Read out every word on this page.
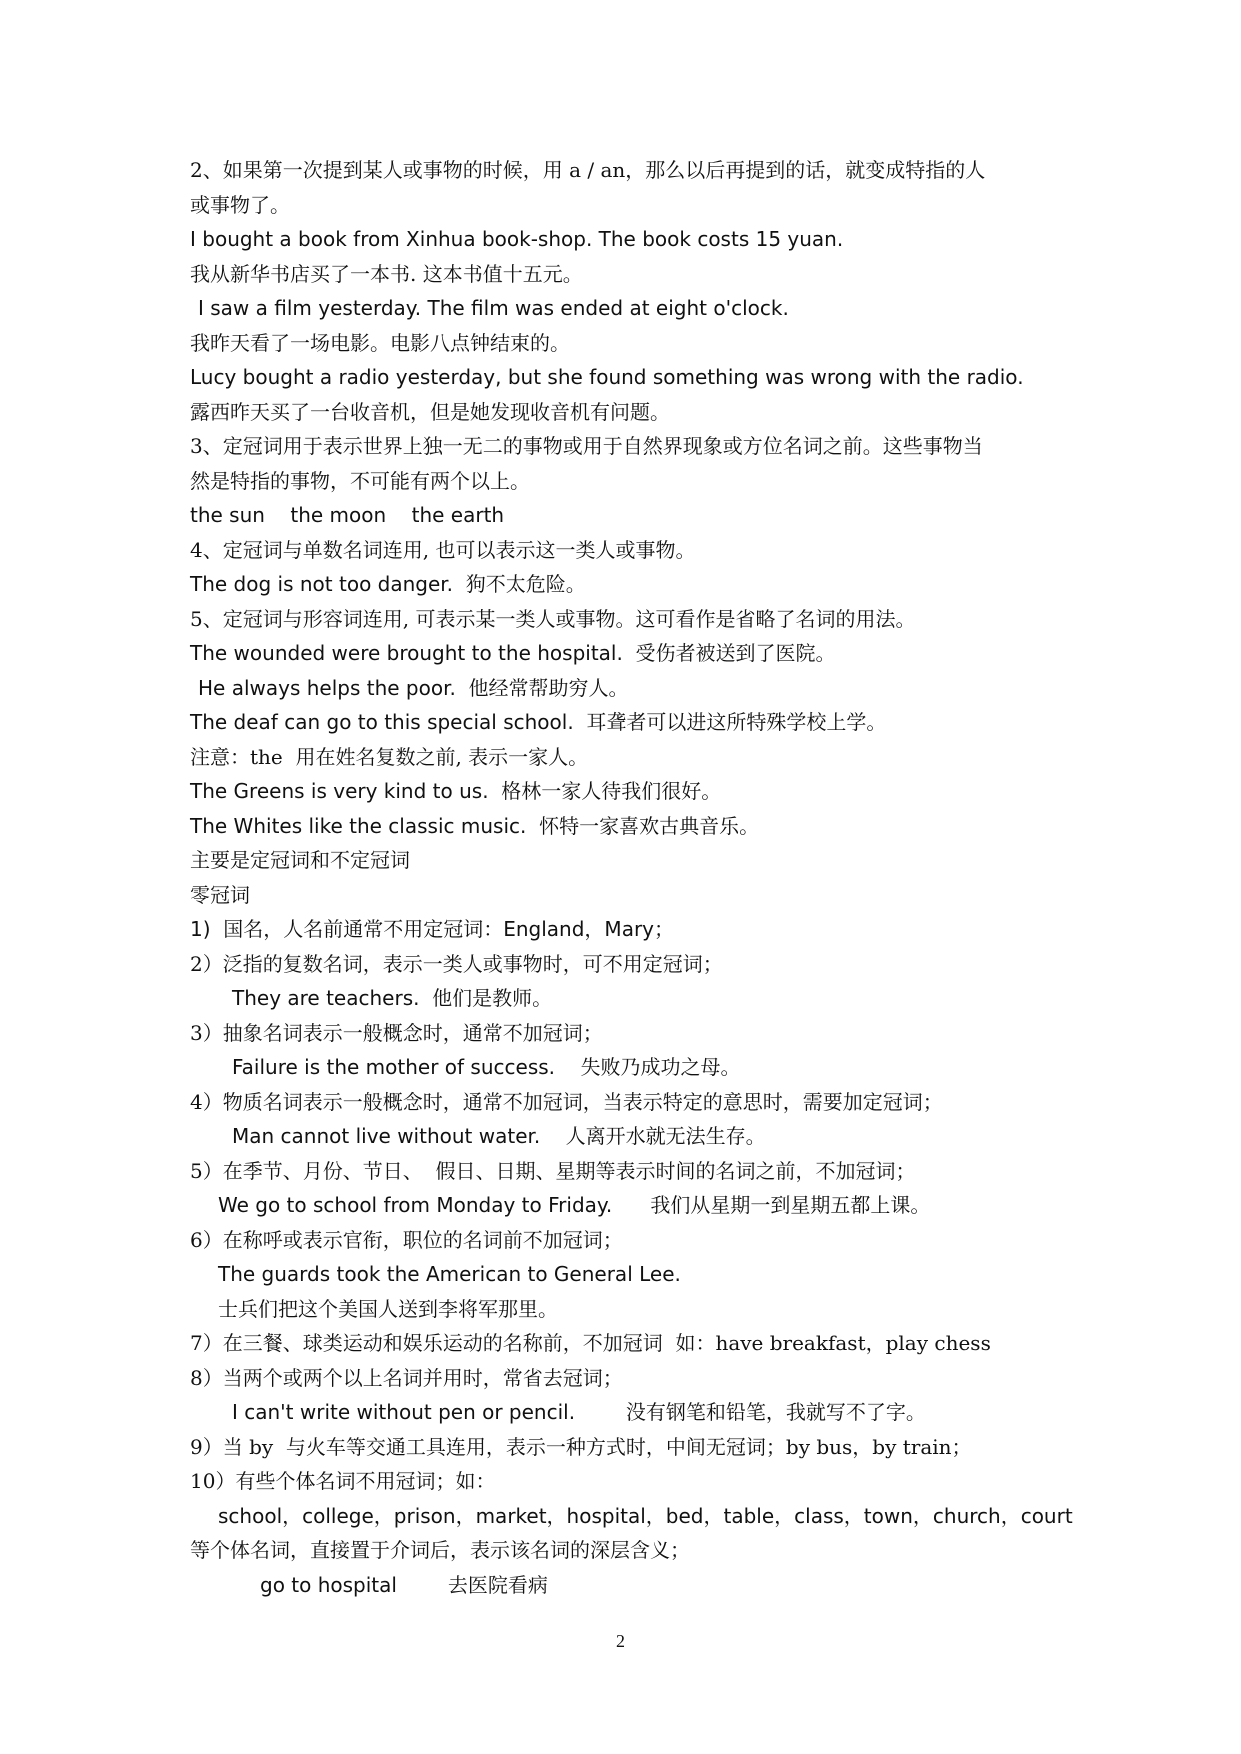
2、如果第一次提到某人或事物的时候，用 a / an，那么以后再提到的话，就变成特指的人

或事物了。

I bought a book from Xinhua book-shop. The book costs 15 yuan.

我从新华书店买了一本书. 这本书值十五元。

I saw a film yesterday. The film was ended at eight o'clock.

我昨天看了一场电影。电影八点钟结束的。

Lucy bought a radio yesterday, but she found something was wrong with the radio.

露西昨天买了一台收音机，但是她发现收音机有问题。

3、定冠词用于表示世界上独一无二的事物或用于自然界现象或方位名词之前。这些事物当

然是特指的事物，不可能有两个以上。

the sun    the moon    the earth

4、定冠词与单数名词连用, 也可以表示这一类人或事物。

The dog is not too danger.  狗不太危险。

5、定冠词与形容词连用, 可表示某一类人或事物。这可看作是省略了名词的用法。

The wounded were brought to the hospital.  受伤者被送到了医院。

He always helps the poor.  他经常帮助穷人。

The deaf can go to this special school.  耳聋者可以进这所特殊学校上学。

注意：the  用在姓名复数之前, 表示一家人。

The Greens is very kind to us.  格林一家人待我们很好。

The Whites like the classic music.  怀特一家喜欢古典音乐。

主要是定冠词和不定冠词

零冠词

1)  国名，人名前通常不用定冠词：England，Mary；

2）泛指的复数名词，表示一类人或事物时，可不用定冠词；

They are teachers.  他们是教师。

3）抽象名词表示一般概念时，通常不加冠词；

Failure is the mother of success.    失败乃成功之母。

4）物质名词表示一般概念时，通常不加冠词，当表示特定的意思时，需要加定冠词；

Man cannot live without water.    人离开水就无法生存。

5）在季节、月份、节日、  假日、日期、星期等表示时间的名词之前，不加冠词；

We go to school from Monday to Friday.      我们从星期一到星期五都上课。

6）在称呼或表示官衔，职位的名词前不加冠词；

The guards took the American to General Lee.

士兵们把这个美国人送到李将军那里。

7）在三餐、球类运动和娱乐运动的名称前，不加冠词  如：have breakfast，play chess

8）当两个或两个以上名词并用时，常省去冠词；

I can't write without pen or pencil.        没有钢笔和铅笔，我就写不了字。

9）当 by  与火车等交通工具连用，表示一种方式时，中间无冠词；by bus，by train；

10）有些个体名词不用冠词；如：

school，college，prison，market，hospital，bed，table，class，town，church，court

等个体名词，直接置于介词后，表示该名词的深层含义；

go to hospital        去医院看病

2
